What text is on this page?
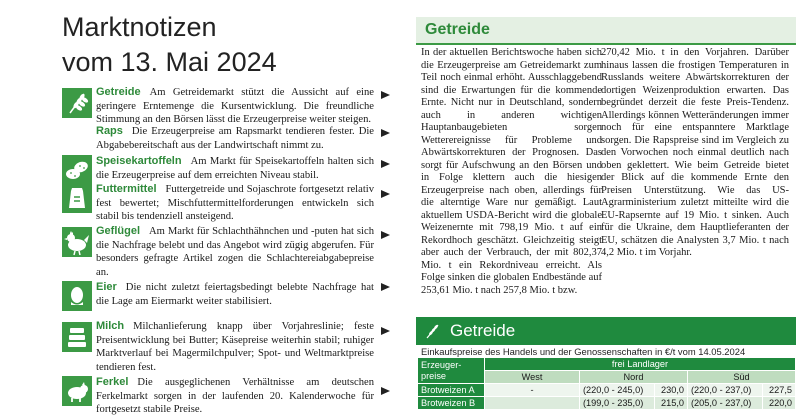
Marktnotizen
vom 13. Mai 2024
Getreide Am Getreidemarkt stützt die Aussicht auf eine geringere Erntemenge die Kursentwicklung. Die freundliche Stimmung an den Börsen lässt die Erzeugerpreise weiter steigen.
Raps Die Erzeugerpreise am Rapsmarkt tendieren fester. Die Abgabebereitschaft aus der Landwirtschaft nimmt zu.
Speisekartoffeln Am Markt für Speisekartoffeln halten sich die Erzeugerpreise auf dem erreichten Niveau stabil.
Futtermittel Futtergetreide und Sojaschrote fortgesetzt relativ fest bewertet; Mischfuttermittelforderungen entwickeln sich stabil bis tendenziell ansteigend.
Geflügel Am Markt für Schlachthähnchen und -puten hat sich die Nachfrage belebt und das Angebot wird zügig abgerufen. Für besonders gefragte Artikel zogen die Schlachtereiabgabepreise an.
Eier Die nicht zuletzt feiertagsbedingt belebte Nachfrage hat die Lage am Eiermarkt weiter stabilisiert.
Milch Milchanlieferung knapp über Vorjahreslinie; feste Preisentwicklung bei Butter; Käsepreise weiterhin stabil; ruhiger Marktverlauf bei Magermilchpulver; Spot- und Weltmarktpreise tendieren fest.
Ferkel Die ausgeglichenen Verhältnisse am deutschen Ferkelmarkt sorgen in der laufenden 20. Kalenderwoche für fortgesetzt stabile Preise.
Getreide
In der aktuellen Berichtswoche haben sich die Erzeugerpreise am Getreidemarkt zum Teil noch einmal erhöht. Ausschlaggebend sind die Erwartungen für die kommende Ernte. Nicht nur in Deutschland, sondern auch in anderen wichtigen Hauptanbaugebieten sorgen Wetterereignisse für Probleme und Abwärtskorrekturen der Prognosen. Das sorgt für Aufschwung an den Börsen und in Folge klettern auch die hiesigen Erzeugerpreise nach oben, allerdings für die alterntige Ware nur gemäßigt. Laut aktuellem USDA-Bericht wird die globale Weizenernte mit 798,19 Mio. t auf ein Rekordhoch geschätzt. Gleichzeitig steigt aber auch der Verbrauch, der mit 802,37 Mio. t ein Rekordniveau erreicht. Als Folge sinken die globalen Endbestände auf 253,61 Mio. t nach 257,8 Mio. t bzw.
270,42 Mio. t in den Vorjahren. Darüber hinaus lassen die frostigen Temperaturen in Russlands weitere Abwärtskorrekturen der dortigen Weizenproduktion erwarten. Das begründet derzeit die feste Preis-Tendenz. Allerdings können Wetteränderungen immer noch für eine entspanntere Marktlage sorgen. Die Rapspreise sind im Vergleich zu den Vorwochen noch einmal deutlich nach oben geklettert. Wie beim Getreide bietet der Blick auf die kommende Ernte den Preisen Unterstützung. Wie das US-Agrarministerium zuletzt mitteilte wird die EU-Rapsernte auf 19 Mio. t sinken. Auch für die Ukraine, dem Hauptlieferanten der EU, schätzen die Analysten 3,7 Mio. t nach 4,2 Mio. t im Vorjahr.
Getreide
Einkaufspreise des Handels und der Genossenschaften in €/t vom 14.05.2024
Erzeuger-preise	frei Landlager				
	West	Nord		Süd	
Brotweizen A	-	(220,0 - 245,0)	230,0	(220,0 - 237,0)	227,5
Brotweizen B		(199,0 - 235,0)	215,0	(205,0 - 237,0)	220,0
